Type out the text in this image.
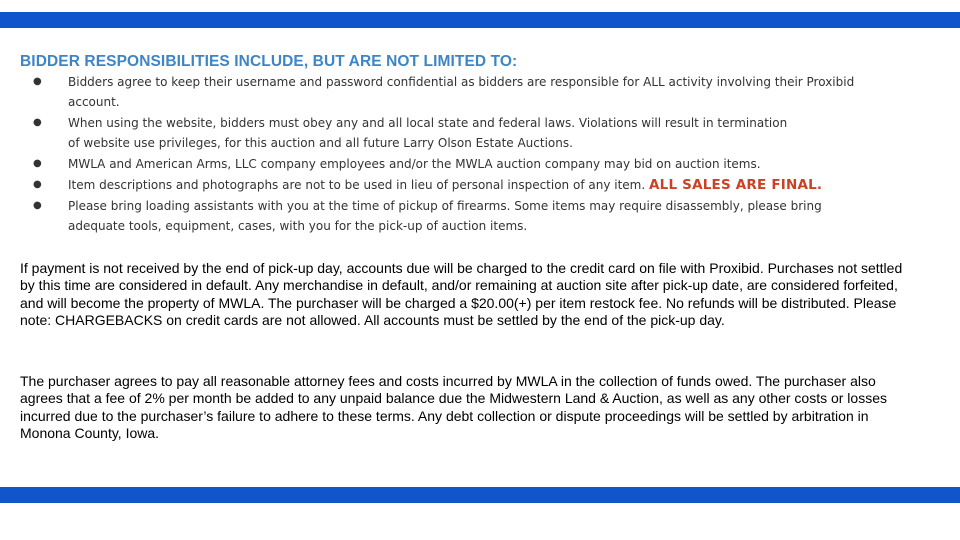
BIDDER RESPONSIBILITIES INCLUDE, BUT ARE NOT LIMITED TO:
● Bidders agree to keep their username and password confidential as bidders are responsible for ALL activity involving their Proxibid
account.
● When using the website, bidders must obey any and all local state and federal laws. Violations will result in termination
of website use privileges, for this auction and all future Larry Olson Estate Auctions.
● MWLA and American Arms, LLC company employees and/or the MWLA auction company may bid on auction items.
● Item descriptions and photographs are not to be used in lieu of personal inspection of any item. ALL SALES ARE FINAL.
● Please bring loading assistants with you at the time of pickup of firearms. Some items may require disassembly, please bring
adequate tools, equipment, cases, with you for the pick-up of auction items.

If payment is not received by the end of pick-up day, accounts due will be charged to the credit card on file with Proxibid. Purchases not settled by this time are considered in default. Any merchandise in default, and/or remaining at auction site after pick-up date, are considered forfeited, and will become the property of MWLA. The purchaser will be charged a $20.00(+) per item restock fee. No refunds will be distributed. Please note: CHARGEBACKS on credit cards are not allowed. All accounts must be settled by the end of the pick-up day.

The purchaser agrees to pay all reasonable attorney fees and costs incurred by MWLA in the collection of funds owed. The purchaser also agrees that a fee of 2% per month be added to any unpaid balance due the Midwestern Land & Auction, as well as any other costs or losses incurred due to the purchaser’s failure to adhere to these terms. Any debt collection or dispute proceedings will be settled by arbitration in Monona County, Iowa.
